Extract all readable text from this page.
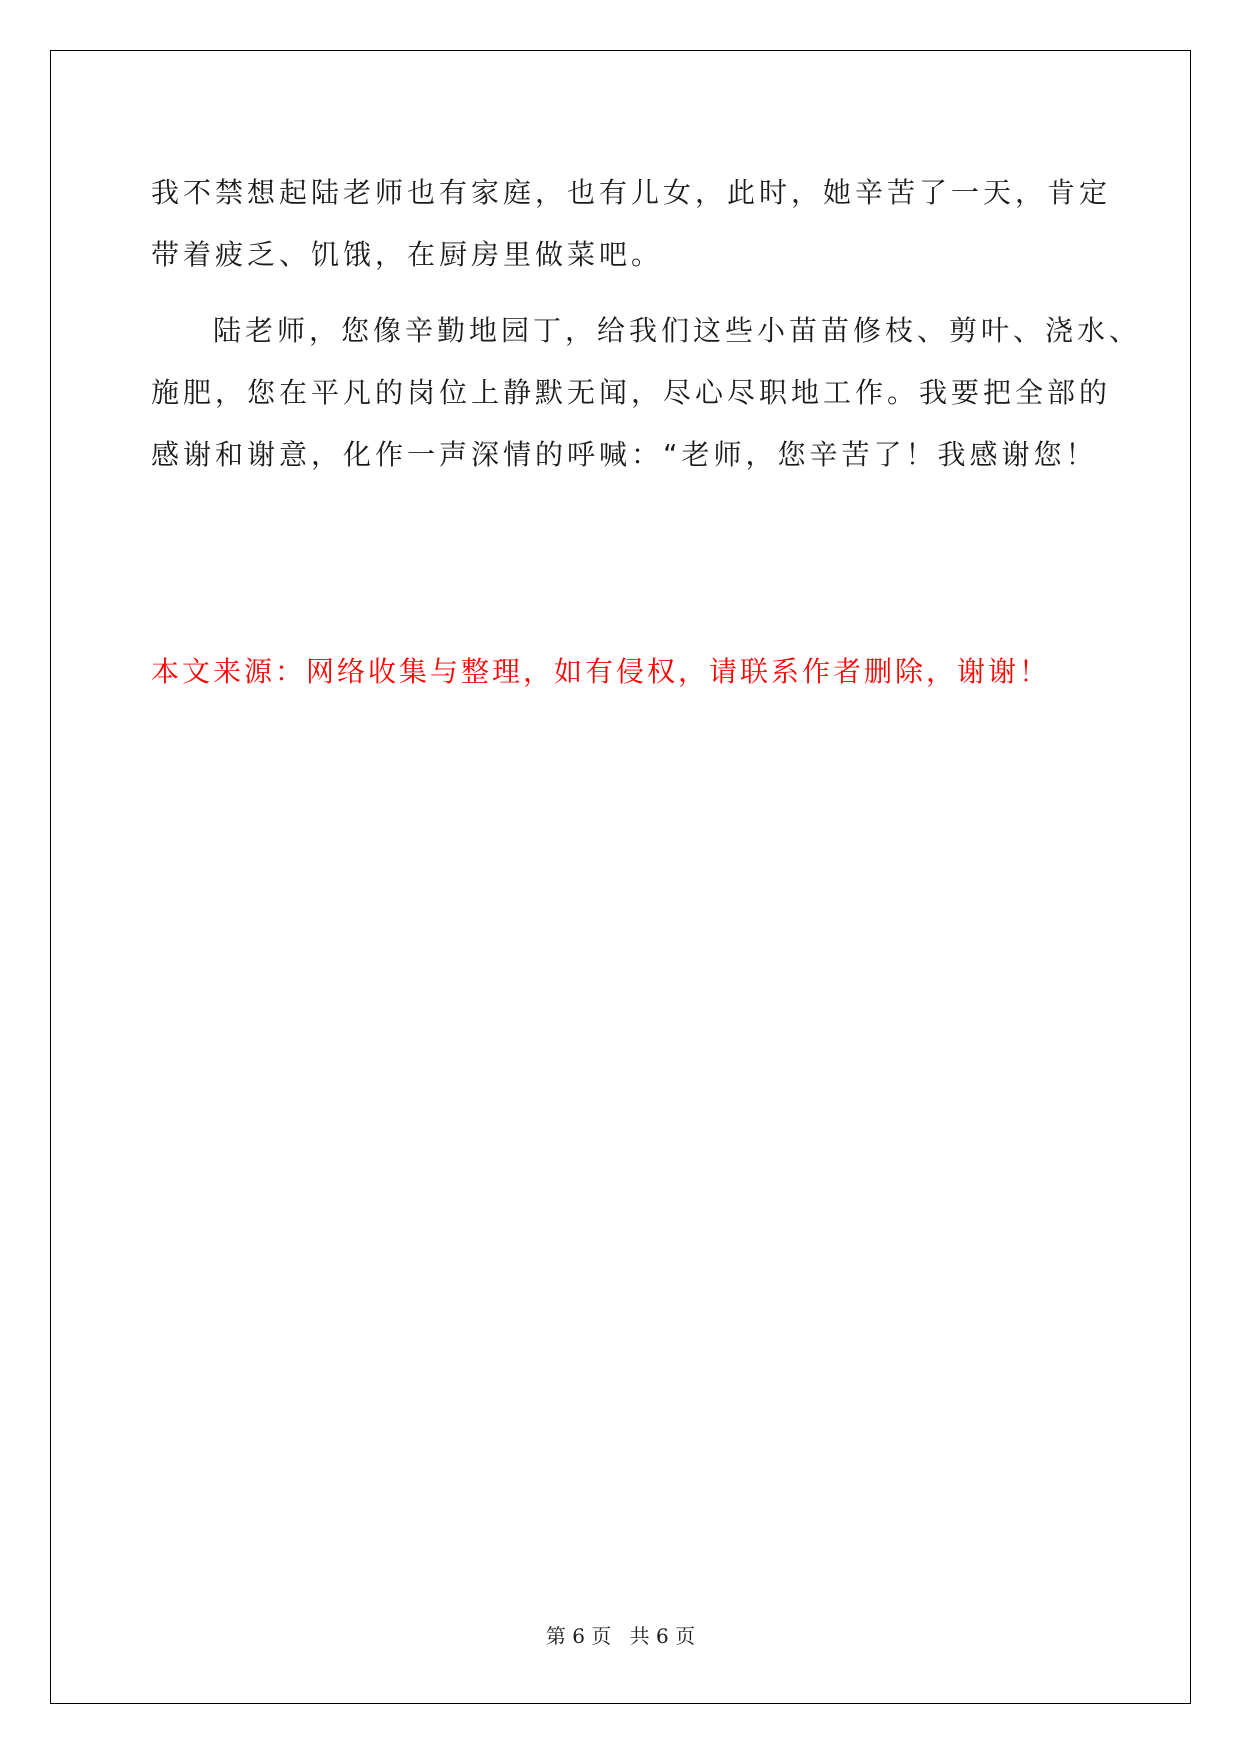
我不禁想起陆老师也有家庭，也有儿女，此时，她辛苦了一天，肯定
带着疲乏、饥饿，在厨房里做菜吧。

陆老师，您像辛勤地园丁，给我们这些小苗苗修枝、剪叶、浇水、
施肥，您在平凡的岗位上静默无闻，尽心尽职地工作。我要把全部的
感谢和谢意，化作一声深情的呼喊：“老师，您辛苦了！我感谢您！

本文来源：网络收集与整理，如有侵权，请联系作者删除，谢谢！

第 6 页 共 6 页
